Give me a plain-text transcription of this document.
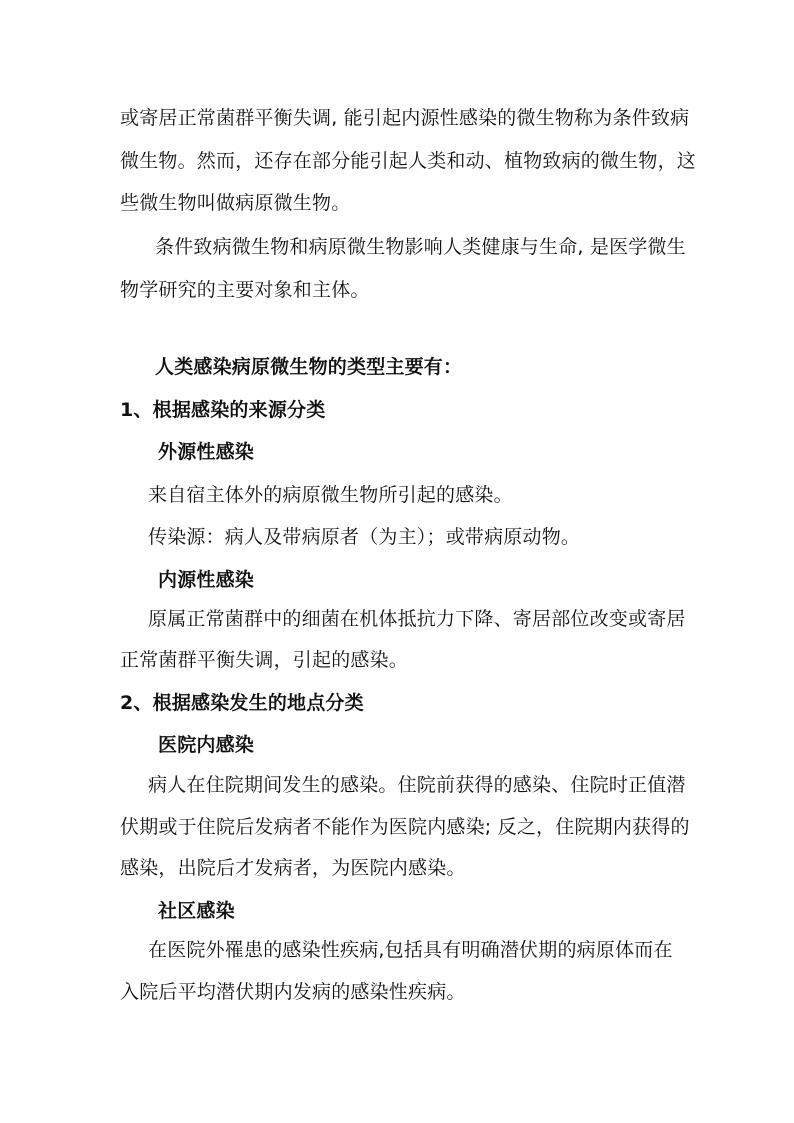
或寄居正常菌群平衡失调, 能引起内源性感染的微生物称为条件致病
微生物。然而，还存在部分能引起人类和动、植物致病的微生物，这
些微生物叫做病原微生物。
条件致病微生物和病原微生物影响人类健康与生命, 是医学微生
物学研究的主要对象和主体。
人类感染病原微生物的类型主要有：
1、根据感染的来源分类
外源性感染
来自宿主体外的病原微生物所引起的感染。
传染源：病人及带病原者（为主）；或带病原动物。
内源性感染
原属正常菌群中的细菌在机体抵抗力下降、寄居部位改变或寄居
正常菌群平衡失调，引起的感染。
2、根据感染发生的地点分类
医院内感染
病人在住院期间发生的感染。住院前获得的感染、住院时正值潜
伏期或于住院后发病者不能作为医院内感染; 反之，住院期内获得的
感染，出院后才发病者，为医院内感染。
社区感染
在医院外罹患的感染性疾病,包括具有明确潜伏期的病原体而在
入院后平均潜伏期内发病的感染性疾病。
